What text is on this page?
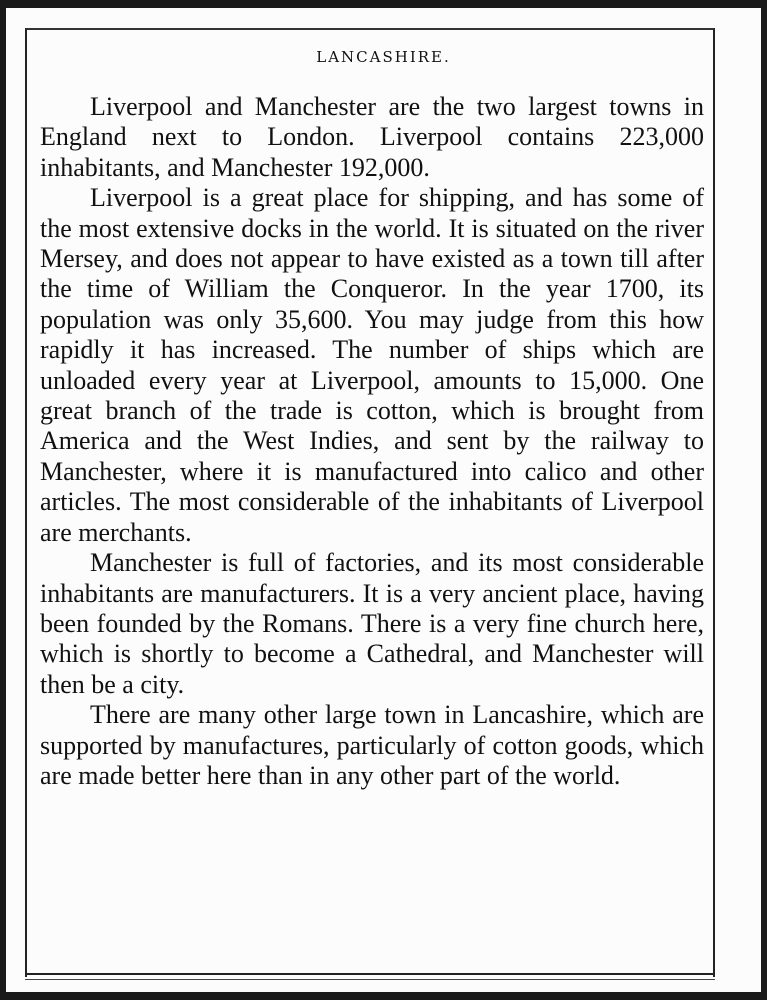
LANCASHIRE.

Liverpool and Manchester are the two largest towns in England next to London. Liverpool contains 223,000 inhabitants, and Manchester 192,000.

Liverpool is a great place for shipping, and has some of the most extensive docks in the world. It is situated on the river Mersey, and does not appear to have existed as a town till after the time of William the Conqueror. In the year 1700, its population was only 35,600. You may judge from this how rapidly it has increased. The number of ships which are unloaded every year at Liverpool, amounts to 15,000. One great branch of the trade is cotton, which is brought from America and the West Indies, and sent by the railway to Manchester, where it is manufactured into calico and other articles. The most considerable of the inhabitants of Liverpool are merchants.

Manchester is full of factories, and its most considerable inhabitants are manufacturers. It is a very ancient place, having been founded by the Romans. There is a very fine church here, which is shortly to become a Cathedral, and Manchester will then be a city.

There are many other large town in Lancashire, which are supported by manufactures, particularly of cotton goods, which are made better here than in any other part of the world.
